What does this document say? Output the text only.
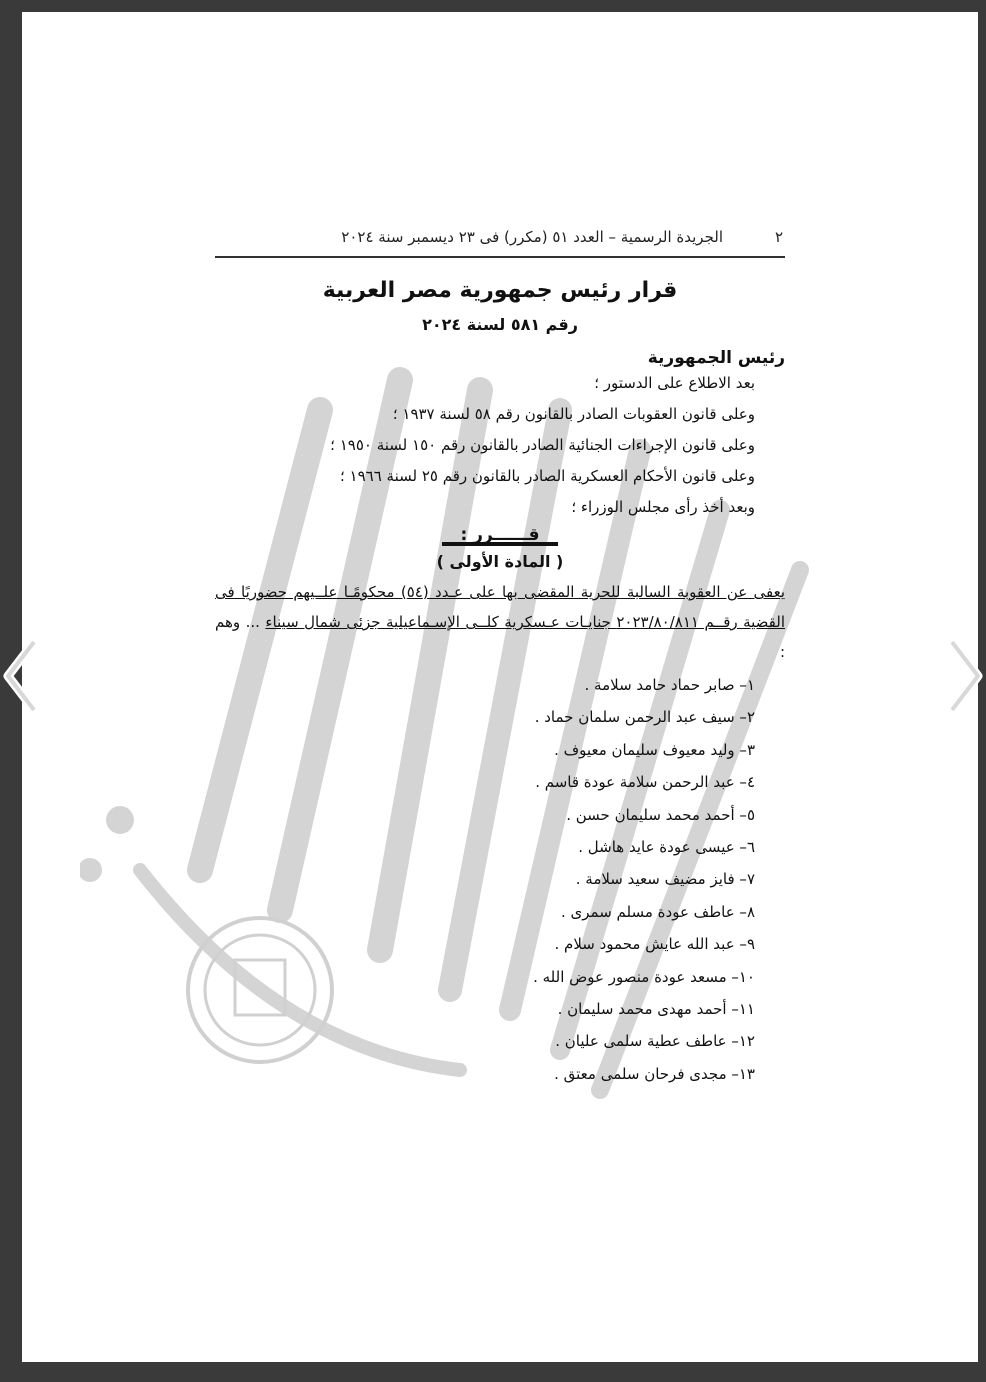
٢
الجريدة الرسمية – العدد ٥١ (مكرر) فى ٢٣ ديسمبر سنة ٢٠٢٤
قرار رئيس جمهورية مصر العربية
رقم ٥٨١ لسنة ٢٠٢٤
رئيس الجمهورية
بعد الاطلاع على الدستور ؛
وعلى قانون العقوبات الصادر بالقانون رقم ٥٨ لسنة ١٩٣٧ ؛
وعلى قانون الإجراءات الجنائية الصادر بالقانون رقم ١٥٠ لسنة ١٩٥٠ ؛
وعلى قانون الأحكام العسكرية الصادر بالقانون رقم ٢٥ لسنة ١٩٦٦ ؛
وبعد أخذ رأى مجلس الوزراء ؛
قــــــرر :
( المادة الأولى )
يعفى عن العقوبة السالبة للحرية المقضى بها على عـدد (٥٤) محكومًـا علــيهم حضوريًا فى القضية رقــم ٢٠٢٣/٨٠/٨١١ جنايـات عـسكرية كلــى الإسـماعيلية جزئى شمال سيناء ... وهم :
١– صابر حماد حامد سلامة .
٢– سيف عبد الرحمن سلمان حماد .
٣– وليد معيوف سليمان معيوف .
٤– عبد الرحمن سلامة عودة قاسم .
٥– أحمد محمد سليمان حسن .
٦– عيسى عودة عايد هاشل .
٧– فايز مضيف سعيد سلامة .
٨– عاطف عودة مسلم سمرى .
٩– عبد الله عايش محمود سلام .
١٠– مسعد عودة منصور عوض الله .
١١– أحمد مهدى محمد سليمان .
١٢– عاطف عطية سلمى عليان .
١٣– مجدى فرحان سلمى معتق .
